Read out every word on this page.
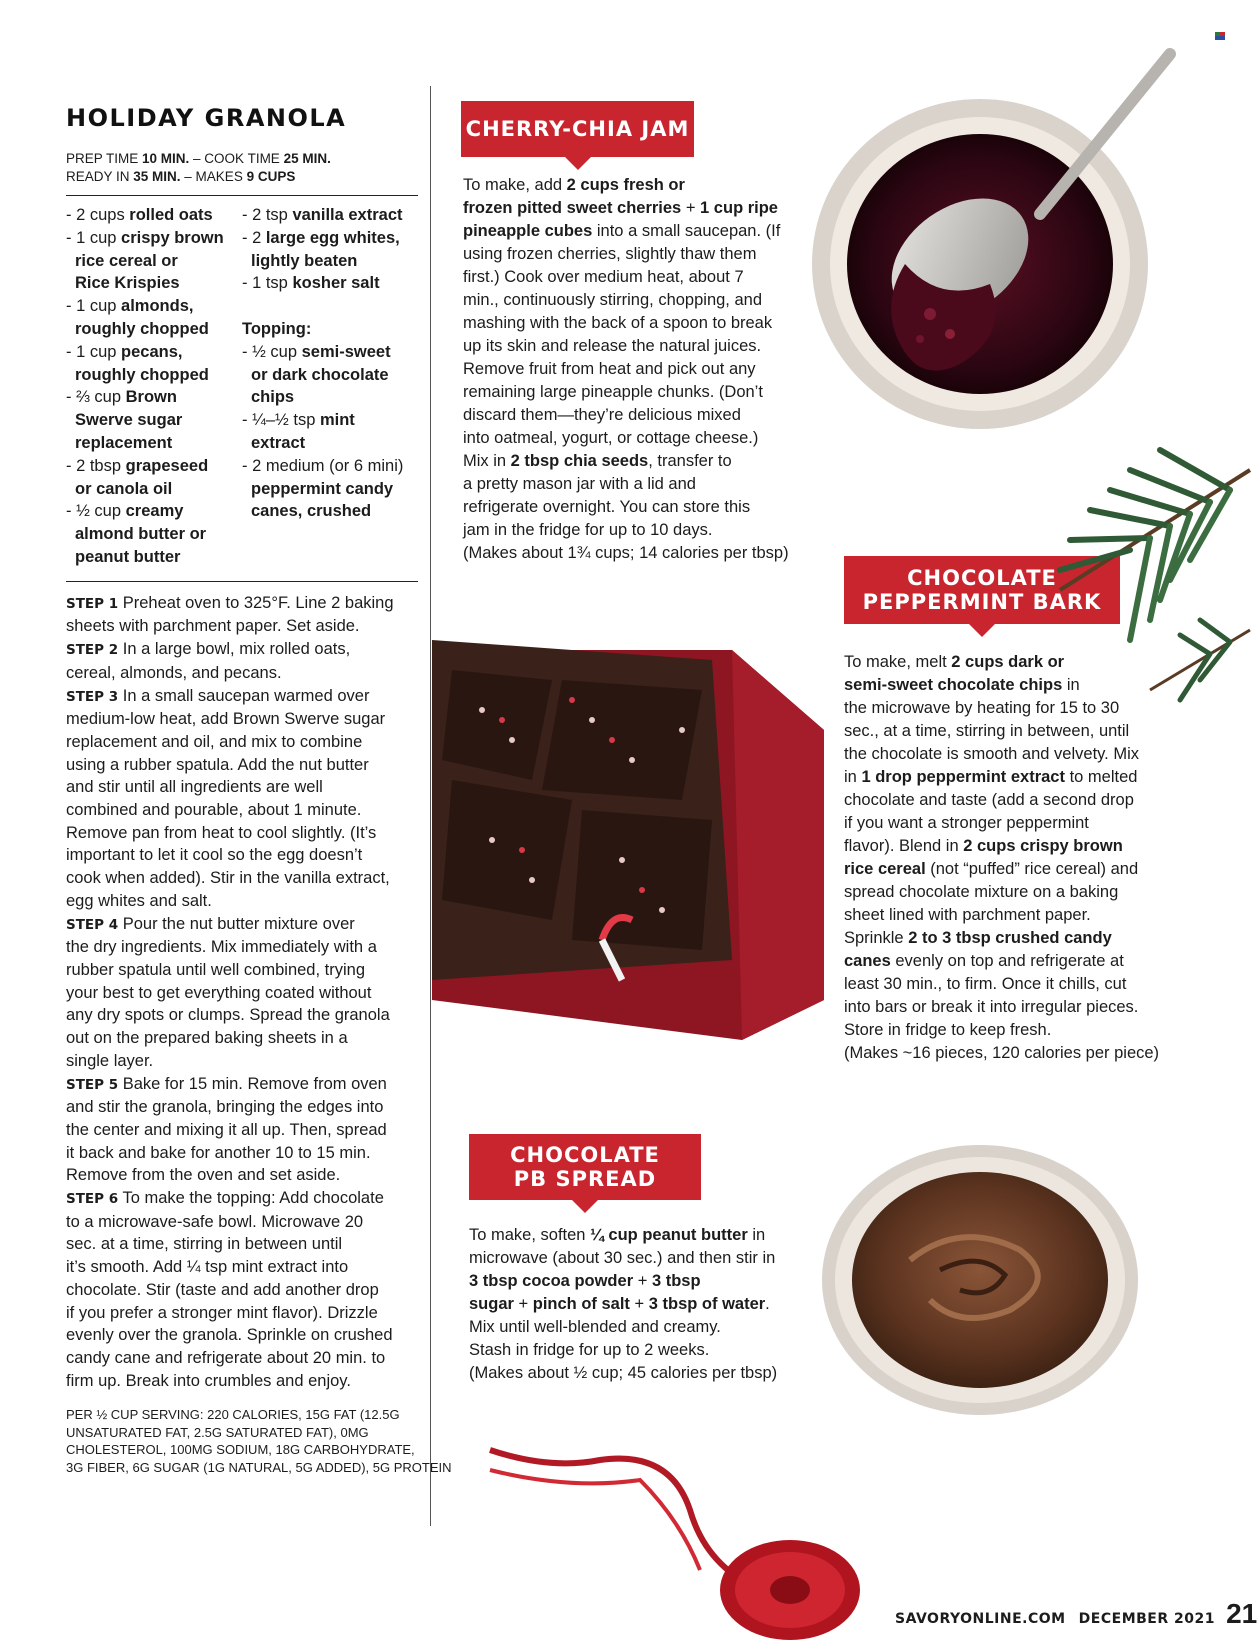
HOLIDAY GRANOLA
PREP TIME 10 MIN. – COOK TIME 25 MIN.
READY IN 35 MIN. – MAKES 9 CUPS
- 2 cups rolled oats
- 1 cup crispy brown
rice cereal or
Rice Krispies
- 1 cup almonds,
roughly chopped
- 1 cup pecans,
roughly chopped
- ⅔ cup Brown
Swerve sugar
replacement
- 2 tbsp grapeseed
or canola oil
- ½ cup creamy
almond butter or
peanut butter
- 2 tsp vanilla extract
- 2 large egg whites,
lightly beaten
- 1 tsp kosher salt

Topping:
- ½ cup semi-sweet
or dark chocolate
chips
- ¼–½ tsp mint
extract
- 2 medium (or 6 mini)
peppermint candy
canes, crushed
STEP 1 Preheat oven to 325°F. Line 2 baking
sheets with parchment paper. Set aside.
STEP 2 In a large bowl, mix rolled oats,
cereal, almonds, and pecans.
STEP 3 In a small saucepan warmed over
medium-low heat, add Brown Swerve sugar
replacement and oil, and mix to combine
using a rubber spatula. Add the nut butter
and stir until all ingredients are well
combined and pourable, about 1 minute.
Remove pan from heat to cool slightly. (It’s
important to let it cool so the egg doesn’t
cook when added). Stir in the vanilla extract,
egg whites and salt.
STEP 4 Pour the nut butter mixture over
the dry ingredients. Mix immediately with a
rubber spatula until well combined, trying
your best to get everything coated without
any dry spots or clumps. Spread the granola
out on the prepared baking sheets in a
single layer.
STEP 5 Bake for 15 min. Remove from oven
and stir the granola, bringing the edges into
the center and mixing it all up. Then, spread
it back and bake for another 10 to 15 min.
Remove from the oven and set aside.
STEP 6 To make the topping: Add chocolate
to a microwave-safe bowl. Microwave 20
sec. at a time, stirring in between until
it’s smooth. Add ¼ tsp mint extract into
chocolate. Stir (taste and add another drop
if you prefer a stronger mint flavor). Drizzle
evenly over the granola. Sprinkle on crushed
candy cane and refrigerate about 20 min. to
firm up. Break into crumbles and enjoy.
PER ½ CUP SERVING: 220 CALORIES, 15G FAT (12.5G
UNSATURATED FAT, 2.5G SATURATED FAT), 0MG
CHOLESTEROL, 100MG SODIUM, 18G CARBOHYDRATE,
3G FIBER, 6G SUGAR (1G NATURAL, 5G ADDED), 5G PROTEIN
CHERRY-CHIA JAM
To make, add 2 cups fresh or
frozen pitted sweet cherries + 1 cup ripe
pineapple cubes into a small saucepan. (If
using frozen cherries, slightly thaw them
first.) Cook over medium heat, about 7
min., continuously stirring, chopping, and
mashing with the back of a spoon to break
up its skin and release the natural juices.
Remove fruit from heat and pick out any
remaining large pineapple chunks. (Don’t
discard them—they’re delicious mixed
into oatmeal, yogurt, or cottage cheese.)
Mix in 2 tbsp chia seeds, transfer to
a pretty mason jar with a lid and
refrigerate overnight. You can store this
jam in the fridge for up to 10 days.
(Makes about 1¾ cups; 14 calories per tbsp)
CHOCOLATE
PEPPERMINT BARK
To make, melt 2 cups dark or
semi-sweet chocolate chips in
the microwave by heating for 15 to 30
sec., at a time, stirring in between, until
the chocolate is smooth and velvety. Mix
in 1 drop peppermint extract to melted
chocolate and taste (add a second drop
if you want a stronger peppermint
flavor). Blend in 2 cups crispy brown
rice cereal (not “puffed” rice cereal) and
spread chocolate mixture on a baking
sheet lined with parchment paper.
Sprinkle 2 to 3 tbsp crushed candy
canes evenly on top and refrigerate at
least 30 min., to firm. Once it chills, cut
into bars or break it into irregular pieces.
Store in fridge to keep fresh.
(Makes ~16 pieces, 120 calories per piece)
CHOCOLATE
PB SPREAD
To make, soften ¼ cup peanut butter in
microwave (about 30 sec.) and then stir in
3 tbsp cocoa powder + 3 tbsp
sugar + pinch of salt + 3 tbsp of water.
Mix until well-blended and creamy.
Stash in fridge for up to 2 weeks.
(Makes about ½ cup; 45 calories per tbsp)
SAVORYONLINE.COM DECEMBER 2021 21
